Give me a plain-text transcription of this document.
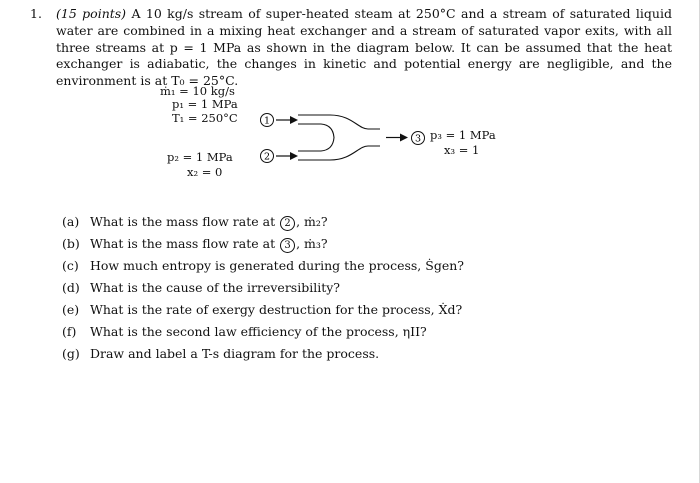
1. (15 points) A 10 kg/s stream of super-heated steam at 250°C and a stream of saturated liquid water are combined in a mixing heat exchanger and a stream of saturated vapor exits, with all three streams at p = 1 MPa as shown in the diagram below. It can be assumed that the heat exchanger is adiabatic, the changes in kinetic and potential energy are negligible, and the environment is at T₀ = 25°C.
ṁ₁ = 10 kg/s
p₁ = 1 MPa
T₁ = 250°C
p₂ = 1 MPa
x₂ = 0
p₃ = 1 MPa
x₃ = 1
1
2
3
(a) What is the mass flow rate at 2 , ṁ₂?
(b) What is the mass flow rate at 3 , ṁ₃?
(c) How much entropy is generated during the process, Ṡgen?
(d) What is the cause of the irreversibility?
(e) What is the rate of exergy destruction for the process, Ẋd?
(f) What is the second law efficiency of the process, ηII?
(g) Draw and label a T-s diagram for the process.
